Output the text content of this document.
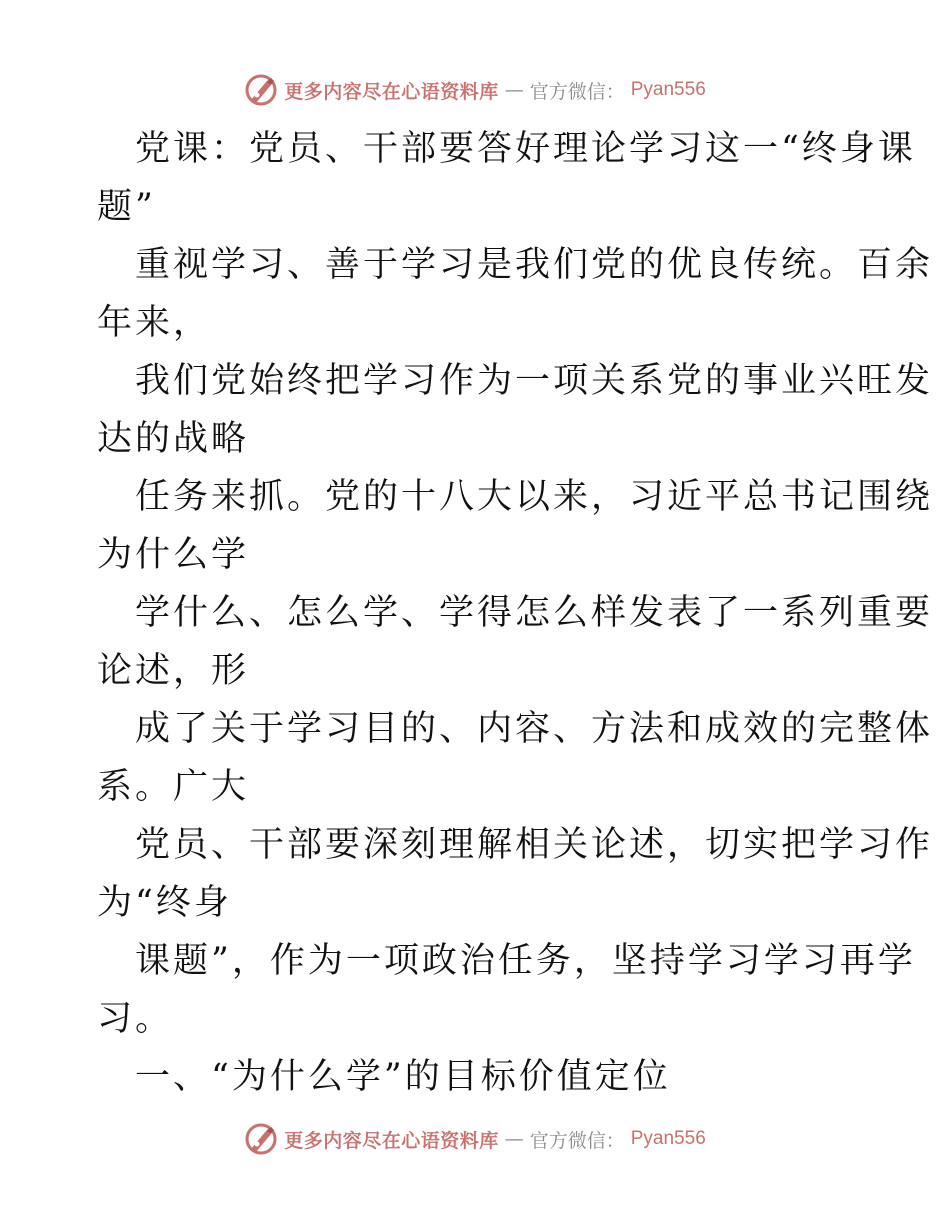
更多内容尽在心语资料库 — 官方微信： Pyan556
党课：党员、干部要答好理论学习这一“终身课
题”
重视学习、善于学习是我们党的优良传统。百余
年来，
我们党始终把学习作为一项关系党的事业兴旺发
达的战略
任务来抓。党的十八大以来，习近平总书记围绕
为什么学
学什么、怎么学、学得怎么样发表了一系列重要
论述，形
成了关于学习目的、内容、方法和成效的完整体
系。广大
党员、干部要深刻理解相关论述，切实把学习作
为“终身
课题”，作为一项政治任务，坚持学习学习再学
习。
一、“为什么学”的目标价值定位
更多内容尽在心语资料库 — 官方微信： Pyan556
